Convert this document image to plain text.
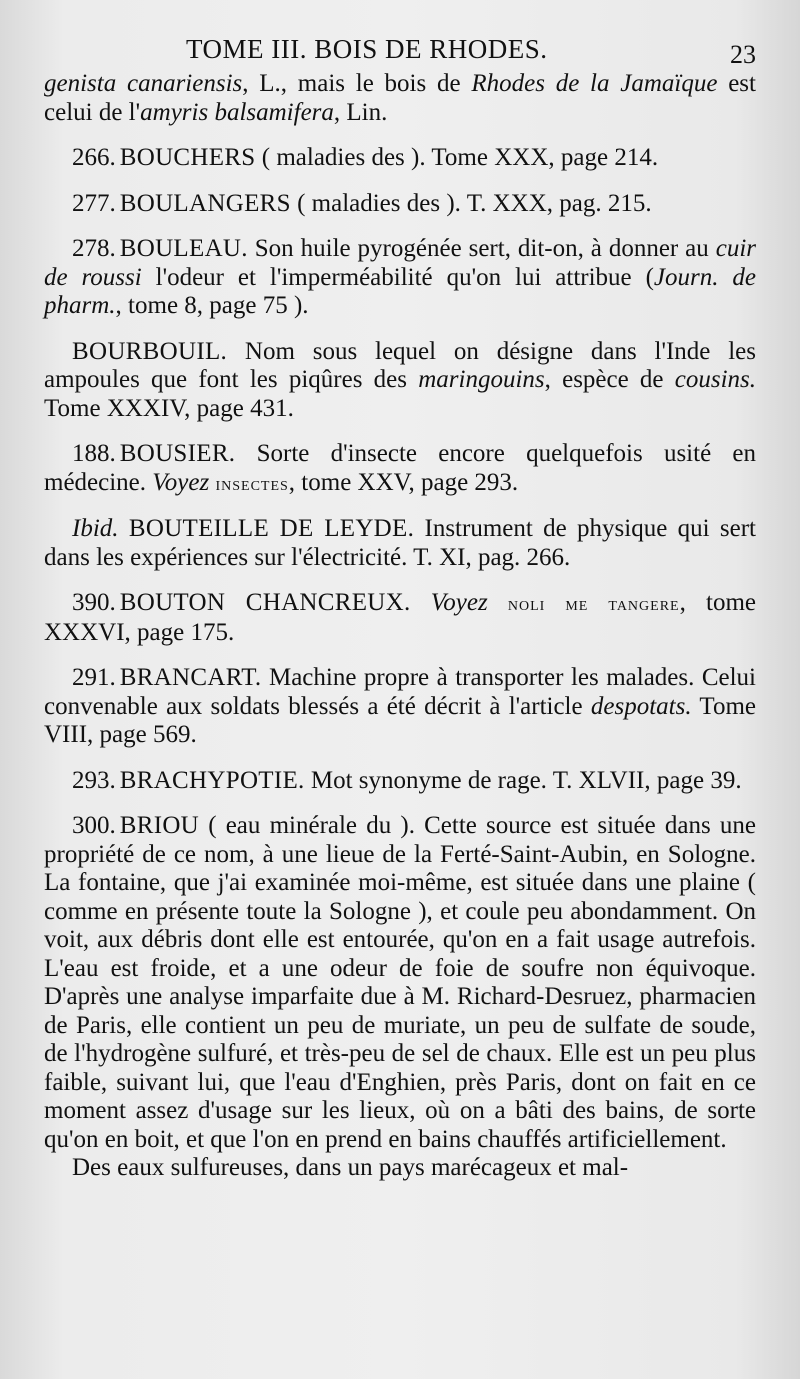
TOME III. BOIS DE RHODES.	23

genista canariensis, L., mais le bois de Rhodes de la Jamaïque est celui de l'amyris balsamifera, Lin.

266. BOUCHERS ( maladies des ). Tome XXX, page 214.

277. BOULANGERS ( maladies des ). T. XXX, pag. 215.

278. BOULEAU. Son huile pyrogénée sert, dit-on, à donner au cuir de roussi l'odeur et l'imperméabilité qu'on lui attribue (Journ. de pharm., tome 8, page 75 ).

BOURBOUIL. Nom sous lequel on désigne dans l'Inde les ampoules que font les piqûres des maringouins, espèce de cousins. Tome XXXIV, page 431.

188. BOUSIER. Sorte d'insecte encore quelquefois usité en médecine. Voyez insectes, tome XXV, page 293.

Ibid. BOUTEILLE DE LEYDE. Instrument de physique qui sert dans les expériences sur l'électricité. T. XI, pag. 266.

390. BOUTON CHANCREUX. Voyez noli me tangere, tome XXXVI, page 175.

291. BRANCART. Machine propre à transporter les malades. Celui convenable aux soldats blessés a été décrit à l'article despotats. Tome VIII, page 569.

293. BRACHYPOTIE. Mot synonyme de rage. T. XLVII, page 39.

300. BRIOU ( eau minérale du ). Cette source est située dans une propriété de ce nom, à une lieue de la Ferté-Saint-Aubin, en Sologne. La fontaine, que j'ai examinée moi-même, est située dans une plaine ( comme en présente toute la Sologne ), et coule peu abondamment. On voit, aux débris dont elle est entourée, qu'on en a fait usage autrefois. L'eau est froide, et a une odeur de foie de soufre non équivoque. D'après une analyse imparfaite due à M. Richard-Desruez, pharmacien de Paris, elle contient un peu de muriate, un peu de sulfate de soude, de l'hydrogène sulfuré, et très-peu de sel de chaux. Elle est un peu plus faible, suivant lui, que l'eau d'Enghien, près Paris, dont on fait en ce moment assez d'usage sur les lieux, où on a bâti des bains, de sorte qu'on en boit, et que l'on en prend en bains chauffés artificiellement.

Des eaux sulfureuses, dans un pays marécageux et mal-
